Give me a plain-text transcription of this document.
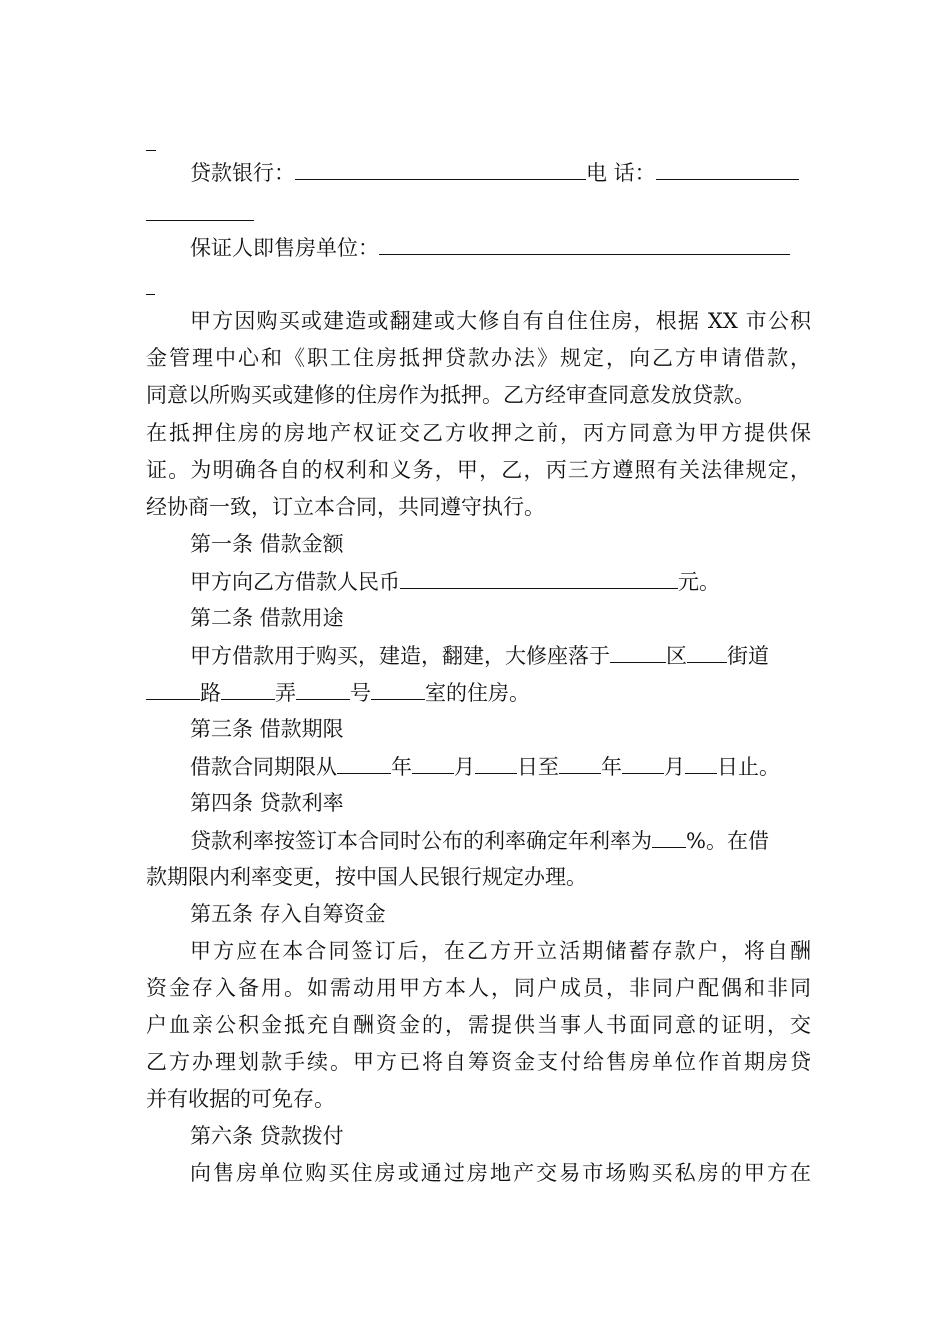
贷款银行：	电 话：
保证人即售房单位：
甲方因购买或建造或翻建或大修自有自住住房，根据 XX 市公积
金管理中心和《职工住房抵押贷款办法》规定，向乙方申请借款，
同意以所购买或建修的住房作为抵押。乙方经审查同意发放贷款。
在抵押住房的房地产权证交乙方收押之前，丙方同意为甲方提供保
证。为明确各自的权利和义务，甲，乙，丙三方遵照有关法律规定，
经协商一致，订立本合同，共同遵守执行。
第一条 借款金额
甲方向乙方借款人民币	元。
第二条 借款用途
甲方借款用于购买，建造，翻建，大修座落于	区 街道
路	弄	号	室的住房。
第三条 借款期限
借款合同期限从	年 月 日至 年 月 日止。
第四条 贷款利率
贷款利率按签订本合同时公布的利率确定年利率为 %。在借
款期限内利率变更，按中国人民银行规定办理。
第五条 存入自筹资金
甲方应在本合同签订后，在乙方开立活期储蓄存款户，将自酬
资金存入备用。如需动用甲方本人，同户成员，非同户配偶和非同
户血亲公积金抵充自酬资金的，需提供当事人书面同意的证明，交
乙方办理划款手续。甲方已将自筹资金支付给售房单位作首期房贷
并有收据的可免存。
第六条 贷款拨付
向售房单位购买住房或通过房地产交易市场购买私房的甲方在
